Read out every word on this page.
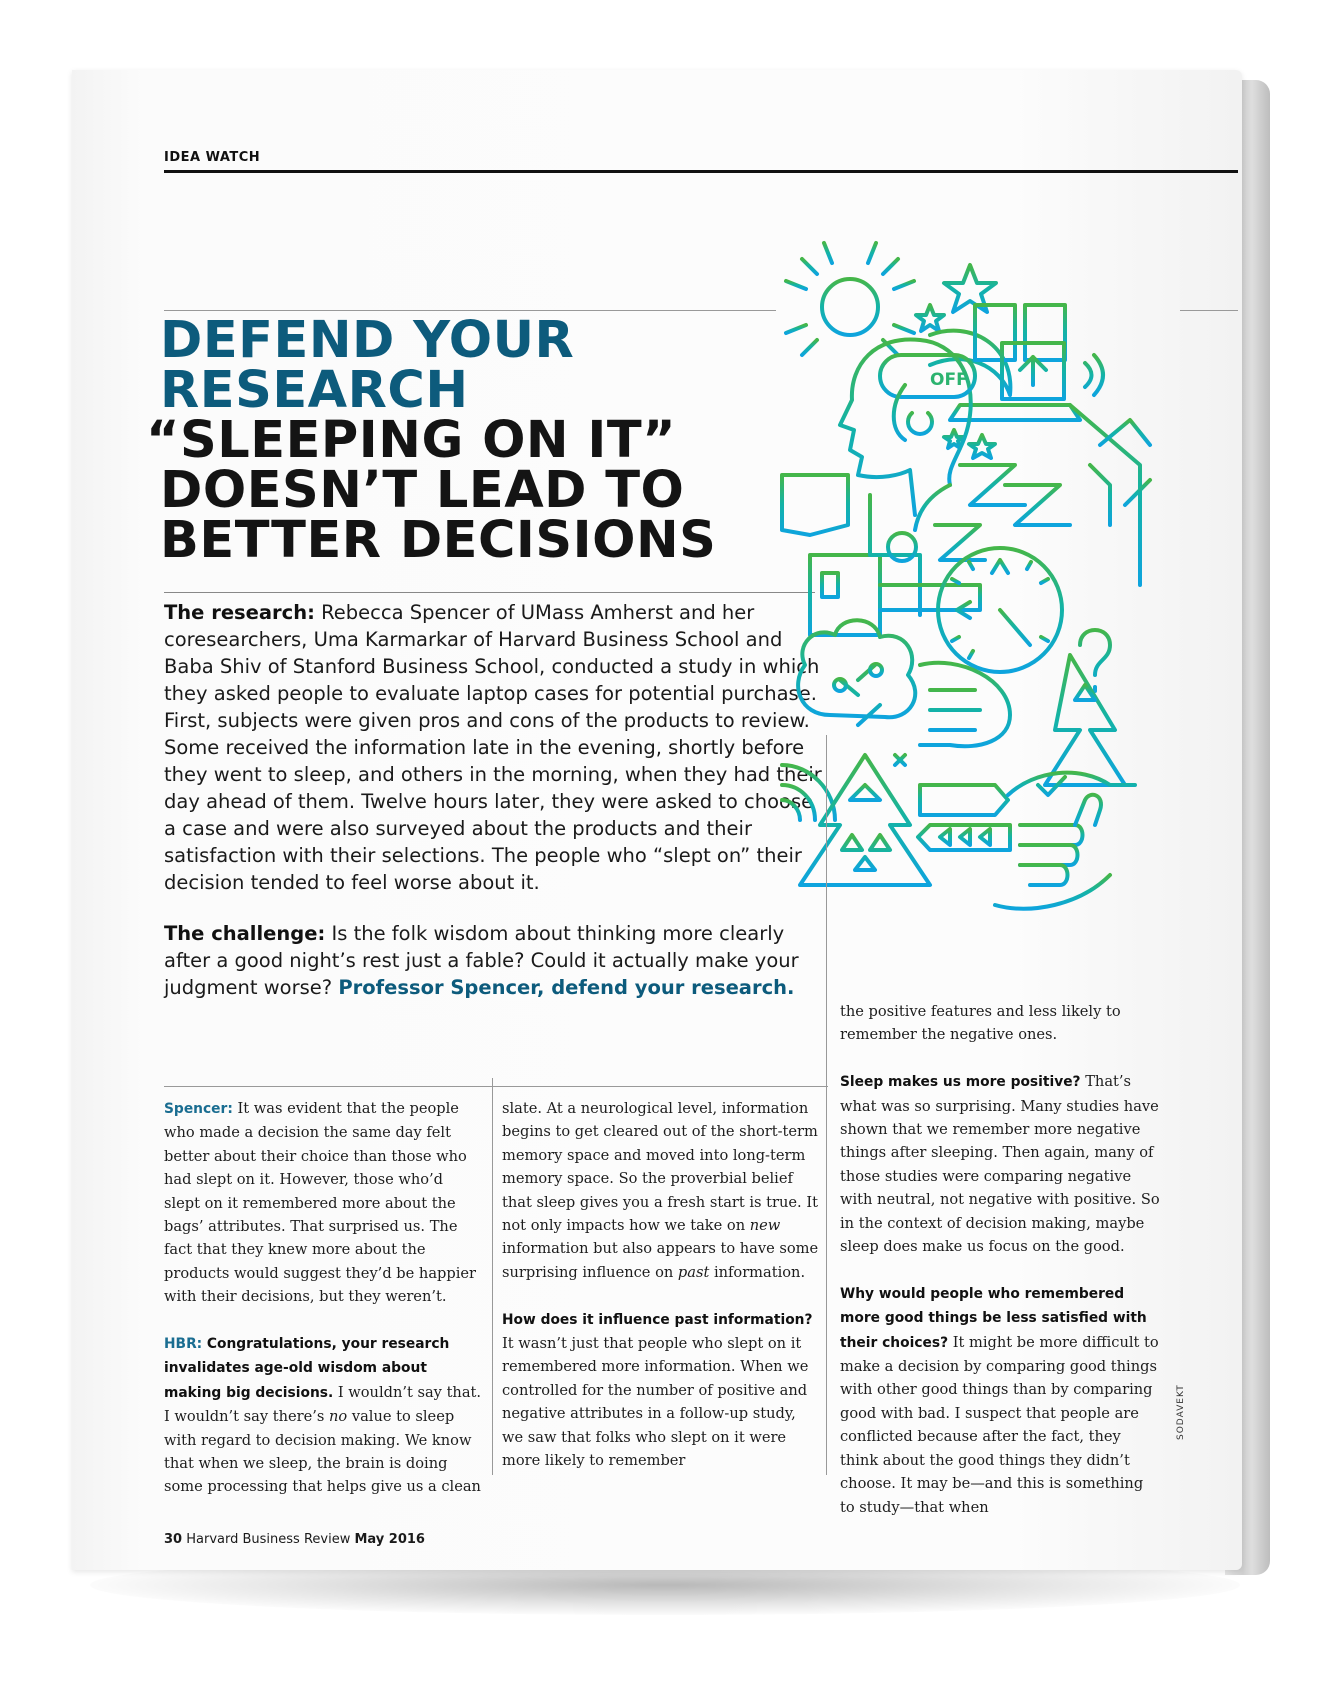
IDEA WATCH
DEFEND YOUR
RESEARCH
“SLEEPING ON IT”
DOESN’T LEAD TO
BETTER DECISIONS

The research: Rebecca Spencer of UMass Amherst and her coresearchers, Uma Karmarkar of Harvard Business School and Baba Shiv of Stanford Business School, conducted a study in which they asked people to evaluate laptop cases for potential purchase. First, subjects were given pros and cons of the products to review. Some received the information late in the evening, shortly before they went to sleep, and others in the morning, when they had their day ahead of them. Twelve hours later, they were asked to choose a case and were also surveyed about the products and their satisfaction with their selections. The people who “slept on” their decision tended to feel worse about it.

The challenge: Is the folk wisdom about thinking more clearly after a good night’s rest just a fable? Could it actually make your judgment worse? Professor Spencer, defend your research.

OFF

Spencer: It was evident that the people who made a decision the same day felt better about their choice than those who had slept on it. However, those who’d slept on it remembered more about the bags’ attributes. That surprised us. The fact that they knew more about the products would suggest they’d be happier with their decisions, but they weren’t.

HBR: Congratulations, your research invalidates age-old wisdom about making big decisions. I wouldn’t say that. I wouldn’t say there’s no value to sleep with regard to decision making. We know that when we sleep, the brain is doing some processing that helps give us a clean

slate. At a neurological level, information begins to get cleared out of the short-term memory space and moved into long-term memory space. So the proverbial belief that sleep gives you a fresh start is true. It not only impacts how we take on new information but also appears to have some surprising influence on past information.

How does it influence past information? It wasn’t just that people who slept on it remembered more information. When we controlled for the number of positive and negative attributes in a follow-up study, we saw that folks who slept on it were more likely to remember

the positive features and less likely to remember the negative ones.

Sleep makes us more positive? That’s what was so surprising. Many studies have shown that we remember more negative things after sleeping. Then again, many of those studies were comparing negative with neutral, not negative with positive. So in the context of decision making, maybe sleep does make us focus on the good.

Why would people who remembered more good things be less satisfied with their choices? It might be more difficult to make a decision by comparing good things with other good things than by comparing good with bad. I suspect that people are conflicted because after the fact, they think about the good things they didn’t choose. It may be—and this is something to study—that when

SODAVEKT
30 Harvard Business Review May 2016
